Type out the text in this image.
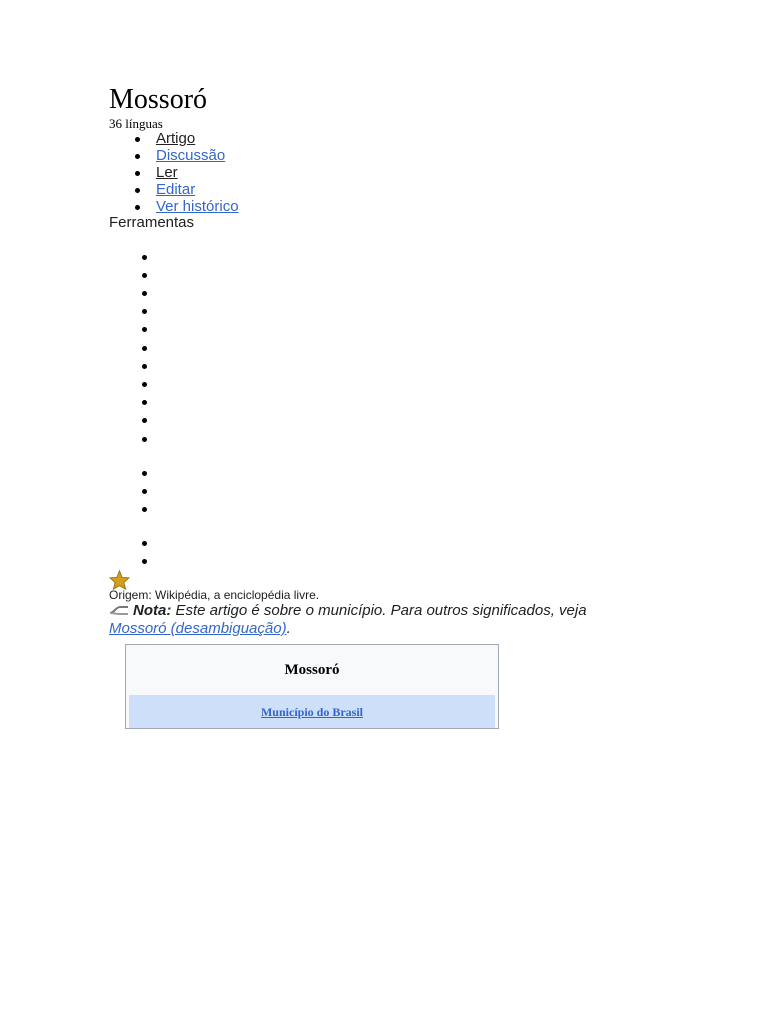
Mossoró
36 línguas
Artigo
Discussão
Ler
Editar
Ver histórico
Ferramentas
Origem: Wikipédia, a enciclopédia livre.
Nota: Este artigo é sobre o município. Para outros significados, veja Mossoró (desambiguação).
Mossoró
Município do Brasil
